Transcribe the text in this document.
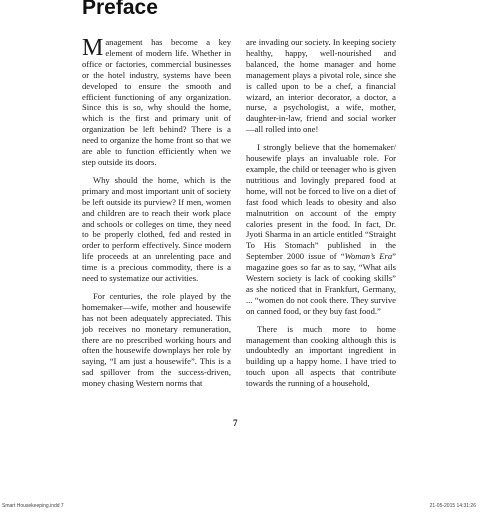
Preface

Management has become a key element of modern life. Whether in office or factories, commercial businesses or the hotel industry, systems have been developed to ensure the smooth and efficient functioning of any organization. Since this is so, why should the home, which is the first and primary unit of organization be left behind? There is a need to organize the home front so that we are able to function efficiently when we step outside its doors.

Why should the home, which is the primary and most important unit of society be left outside its purview? If men, women and children are to reach their work place and schools or colleges on time, they need to be properly clothed, fed and rested in order to perform effectively. Since modern life proceeds at an unrelenting pace and time is a precious commodity, there is a need to systematize our activities.

For centuries, the role played by the homemaker—wife, mother and housewife has not been adequately appreciated. This job receives no monetary remuneration, there are no prescribed working hours and often the housewife downplays her role by saying, “I am just a housewife”. This is a sad spillover from the success-driven, money chasing Western norms that

are invading our society. In keeping society healthy, happy, well-nourished and balanced, the home manager and home management plays a pivotal role, since she is called upon to be a chef, a financial wizard, an interior decorator, a doctor, a nurse, a psychologist, a wife, mother, daughter-in-law, friend and social worker—all rolled into one!

I strongly believe that the homemaker/ housewife plays an invaluable role. For example, the child or teenager who is given nutritious and lovingly prepared food at home, will not be forced to live on a diet of fast food which leads to obesity and also malnutrition on account of the empty calories present in the food. In fact, Dr. Jyoti Sharma in an article entitled “Straight To His Stomach” published in the September 2000 issue of “Woman’s Era” magazine goes so far as to say, “What ails Western society is lack of cooking skills” as she noticed that in Frankfurt, Germany, ... “women do not cook there. They survive on canned food, or they buy fast food.”

There is much more to home management than cooking although this is undoubtedly an important ingredient in building up a happy home. I have tried to touch upon all aspects that contribute towards the running of a household,

7
Smart Housekeeping.indd 7	21-05-2015 14:31:26
